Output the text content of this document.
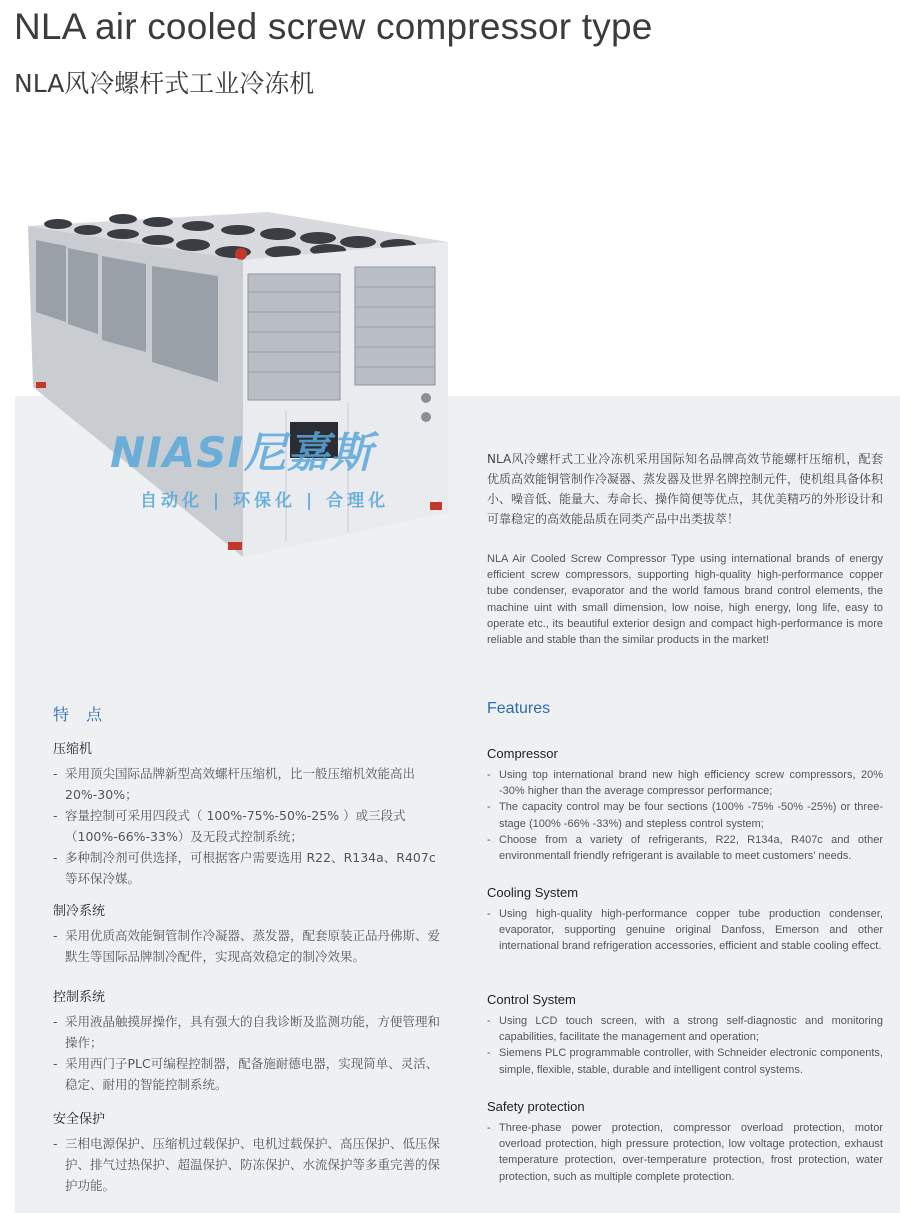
NLA air cooled screw compressor type
NLA风冷螺杆式工业冷冻机
NIASI尼嘉斯
自动化 | 环保化 | 合理化
NLA风冷螺杆式工业冷冻机采用国际知名品牌高效节能螺杆压缩机，配套优质高效能铜管制作冷凝器、蒸发器及世界名牌控制元件，使机组具备体积小、噪音低、能量大、寿命长、操作简便等优点，其优美精巧的外形设计和可靠稳定的高效能品质在同类产品中出类拔萃！
NLA Air Cooled Screw Compressor Type using international brands of energy efficient screw compressors, supporting high-quality high-performance copper tube condenser, evaporator and the world famous brand control elements, the machine uint with small dimension, low noise, high energy, long life, easy to operate etc., its beautiful exterior design and compact high-performance is more reliable and stable than the similar products in the market!
特 点	Features
压缩机
- 采用顶尖国际品牌新型高效螺杆压缩机，比一般压缩机效能高出20%-30%；
- 容量控制可采用四段式（ 100%-75%-50%-25% ）或三段式（100%-66%-33%）及无段式控制系统；
- 多种制冷剂可供选择，可根据客户需要选用 R22、R134a、R407c 等环保冷媒。
制冷系统
- 采用优质高效能铜管制作冷凝器、蒸发器，配套原装正品丹佛斯、爱默生等国际品牌制冷配件，实现高效稳定的制冷效果。
控制系统
- 采用液晶触摸屏操作，具有强大的自我诊断及监测功能，方便管理和操作；
- 采用西门子PLC可编程控制器，配备施耐德电器，实现简单、灵活、稳定、耐用的智能控制系统。
安全保护
- 三相电源保护、压缩机过载保护、电机过载保护、高压保护、低压保护、排气过热保护、超温保护、防冻保护、水流保护等多重完善的保护功能。
Compressor
- Using top international brand new high efficiency screw compressors, 20% -30% higher than the average compressor performance;
- The capacity control may be four sections (100% -75% -50% -25%) or three-stage (100% -66% -33%) and stepless control system;
- Choose from a variety of refrigerants, R22, R134a, R407c and other environmentall friendly refrigerant is available to meet customers' needs.
Cooling System
- Using high-quality high-performance copper tube production condenser, evaporator, supporting genuine original Danfoss, Emerson and other international brand refrigeration accessories, efficient and stable cooling effect.
Control System
- Using LCD touch screen, with a strong self-diagnostic and monitoring capabilities, facilitate the management and operation;
- Siemens PLC programmable controller, with Schneider electronic components, simple, flexible, stable, durable and intelligent control systems.
Safety protection
- Three-phase power protection, compressor overload protection, motor overload protection, high pressure protection, low voltage protection, exhaust temperature protection, over-temperature protection, frost protection, water protection, such as multiple complete protection.
